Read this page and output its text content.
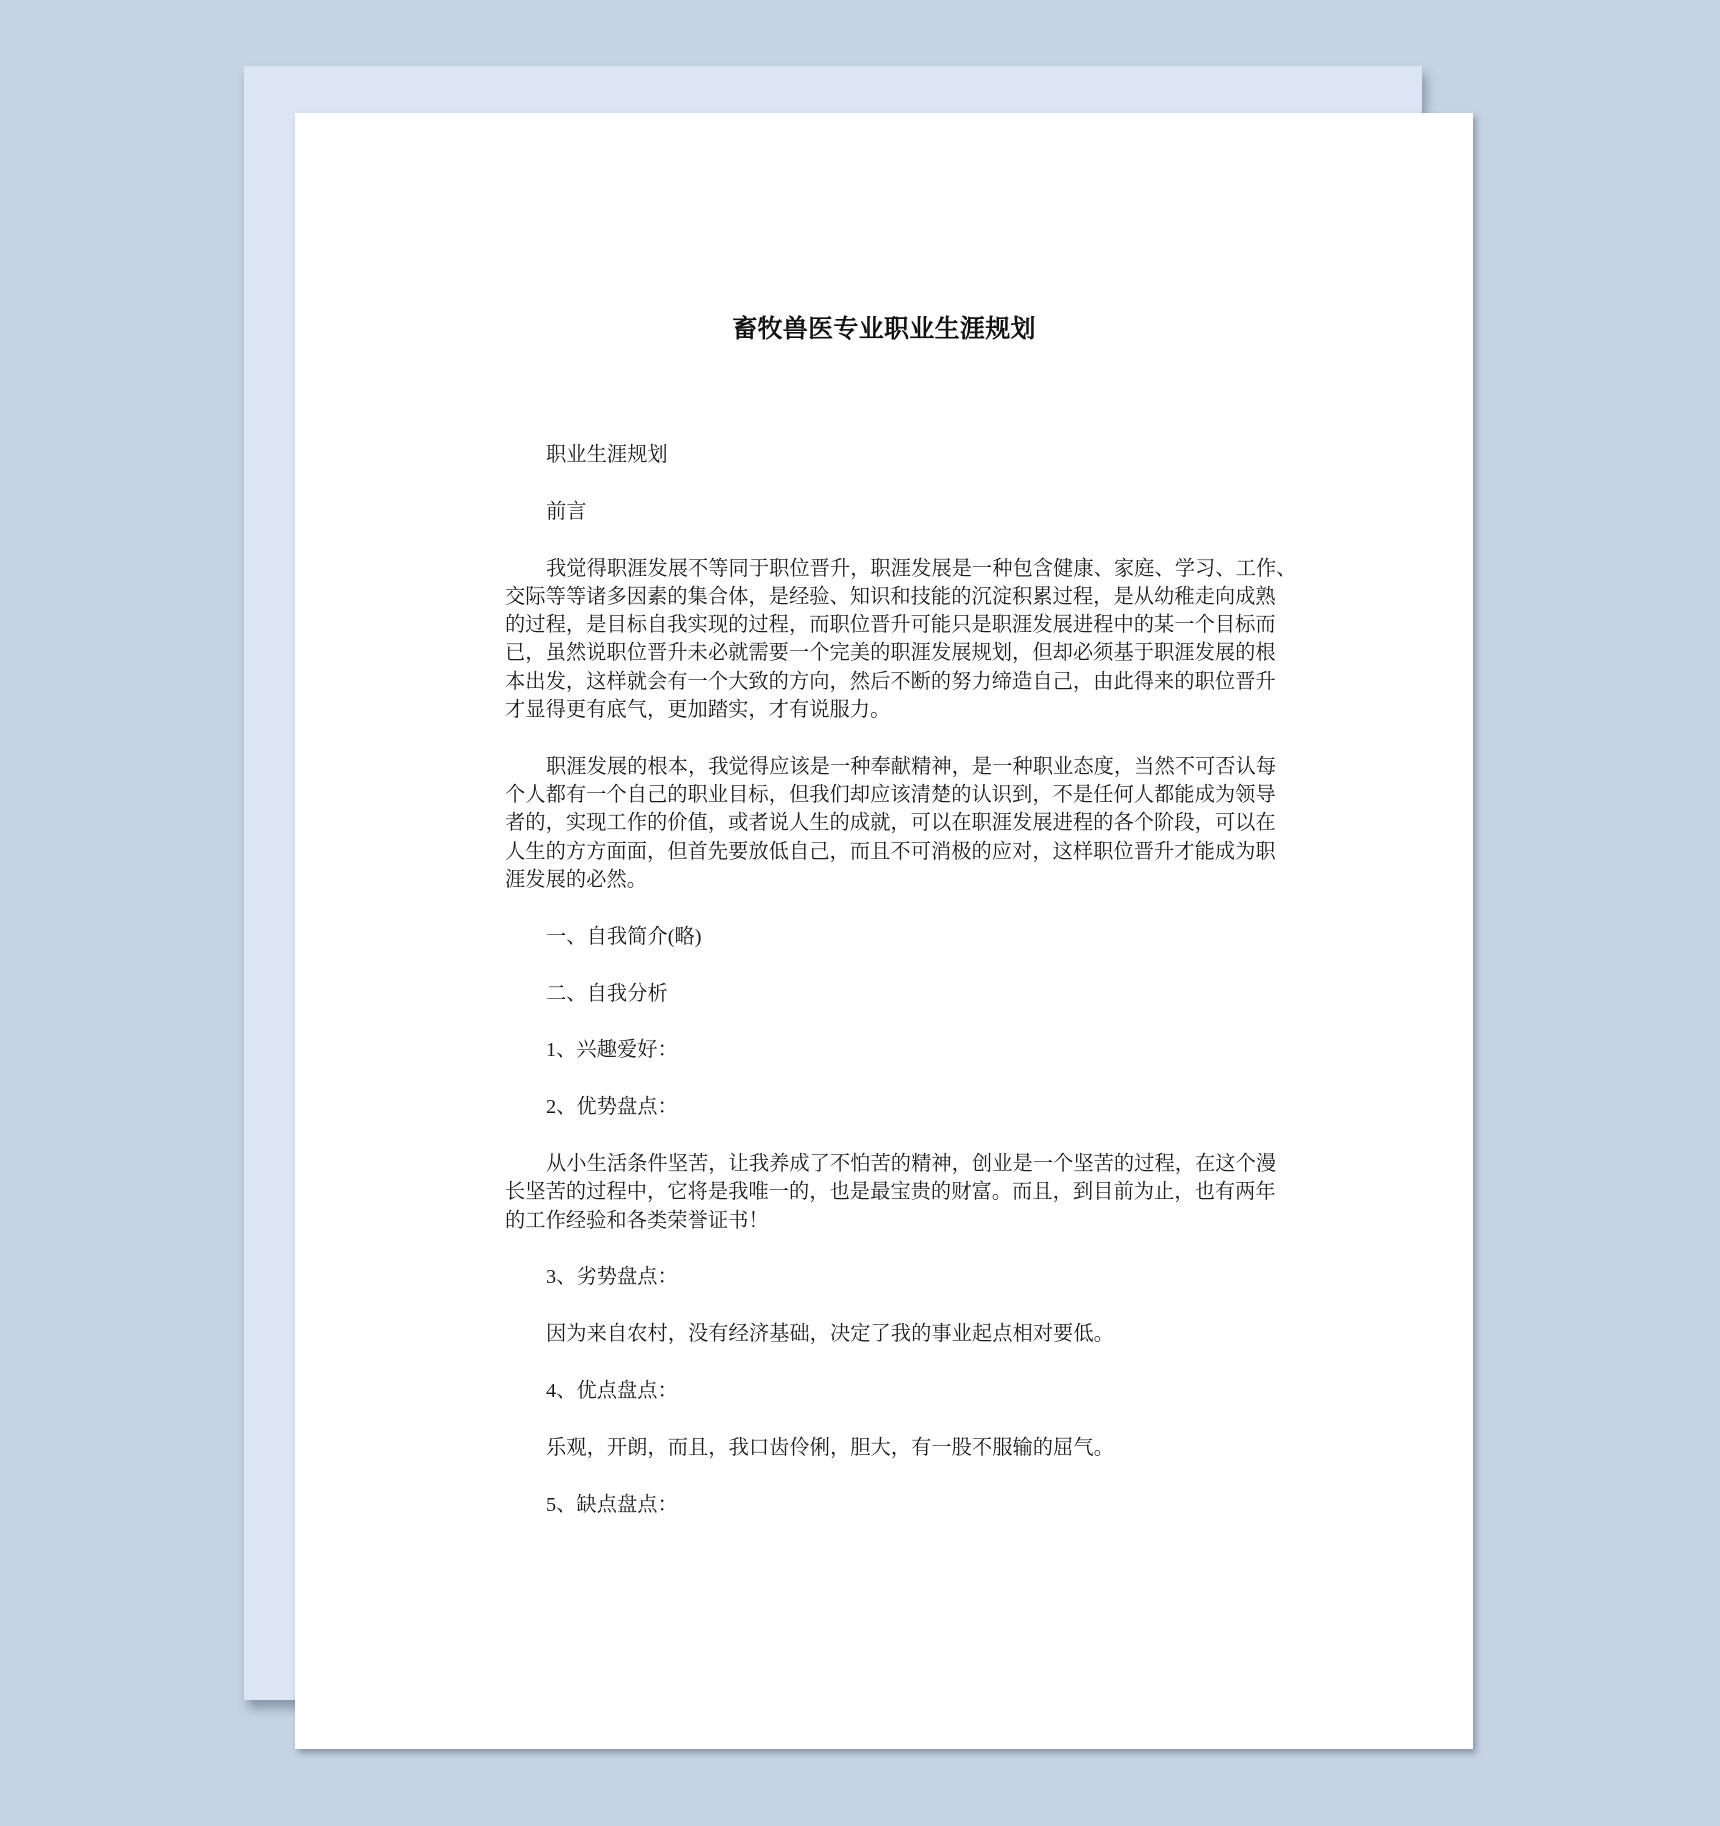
畜牧兽医专业职业生涯规划
职业生涯规划
前言
我觉得职涯发展不等同于职位晋升，职涯发展是一种包含健康、家庭、学习、工作、
交际等等诸多因素的集合体，是经验、知识和技能的沉淀积累过程，是从幼稚走向成熟
的过程，是目标自我实现的过程，而职位晋升可能只是职涯发展进程中的某一个目标而
已，虽然说职位晋升未必就需要一个完美的职涯发展规划，但却必须基于职涯发展的根
本出发，这样就会有一个大致的方向，然后不断的努力缔造自己，由此得来的职位晋升
才显得更有底气，更加踏实，才有说服力。
职涯发展的根本，我觉得应该是一种奉献精神，是一种职业态度，当然不可否认每
个人都有一个自己的职业目标，但我们却应该清楚的认识到，不是任何人都能成为领导
者的，实现工作的价值，或者说人生的成就，可以在职涯发展进程的各个阶段，可以在
人生的方方面面，但首先要放低自己，而且不可消极的应对，这样职位晋升才能成为职
涯发展的必然。
一、自我简介(略)
二、自我分析
1、兴趣爱好：
2、优势盘点：
从小生活条件坚苦，让我养成了不怕苦的精神，创业是一个坚苦的过程，在这个漫
长坚苦的过程中，它将是我唯一的，也是最宝贵的财富。而且，到目前为止，也有两年
的工作经验和各类荣誉证书！
3、劣势盘点：
因为来自农村，没有经济基础，决定了我的事业起点相对要低。
4、优点盘点：
乐观，开朗，而且，我口齿伶俐，胆大，有一股不服输的屈气。
5、缺点盘点：
